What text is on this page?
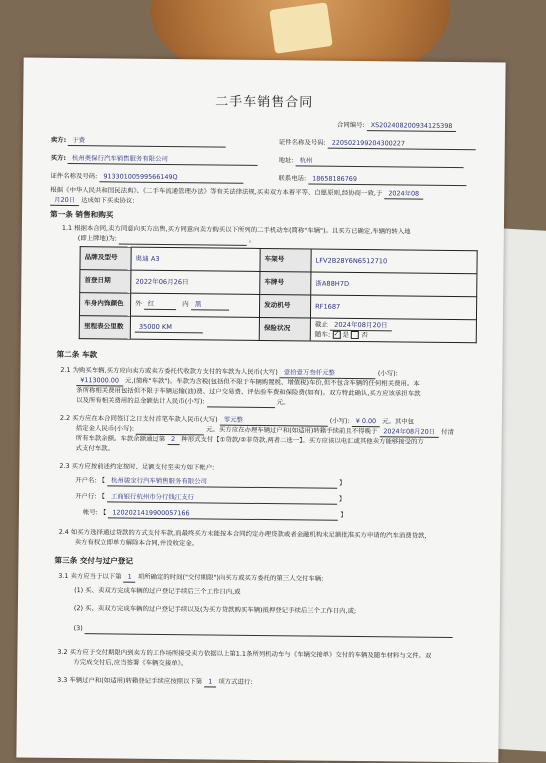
二手车销售合同
合同编号: XS202408200934125398
卖方: 于费	证件名称及号码: 220502199204300227
买方: 杭州奥保行汽车销售服务有限公司	地址: 杭州
证件名称及号码: 91330100599566149Q	联系电话: 18658186769
根据《中华人民共和国民法典》、《二手车流通管理办法》等有关法律法规,买卖双方本着平等、自愿原则,经协商一致,于 2024年08
月20日 达成如下买卖协议:
第一条 销售和购买
1.1 根据本合同,卖方同意向买方出售,买方同意向卖方购买以下所列的二手机动车(简称"车辆")。且买方已确定,车辆的转入地
(即上牌地)为:	。
品牌及型号	奥迪 A3	车架号	LFV2B28Y6N6512710
首登日期	2022年06月26日	车牌号	浙A88H7D
车身内饰颜色	外 红 内 黑	发动机号	RF1687
里程表公里数	35000 KM	保险状况	截止 2024年08月20日
随车: ✓ 是 否
第二条 车款
2.1 为购买车辆,买方应向卖方或卖方委托代收款方支付的车款为人民币(大写) 壹拾壹万叁仟元整	(小写):
¥113000.00 元,(简称"车款")。车款为含税(包括但不限于车辆购置税、增值税)车价,但不包含车辆的任何相关费用。本
条所称相关费用包括但不限于车辆运输(油)费、过户交易费、评估验车费和保险费(如有)。双方特此确认,买方应该承担车款
以及所有相关费用的总金额估计人民币(小写):	元。
2.2 买方应在本合同签订之日支付首笔车款人民币(大写) 零元整	(小写): ¥ 0.00 元。其中包
括定金人民币(小写):	元。买方应在办理车辆过户和(如适用)转籍手续前且不得晚于 2024年08月20日 付清
所有车款余额。车款余额通过第 2 种形式支付【①贷款/②非贷款,两者二选一】。买方应该以电汇或其他卖方能够接受的方
式支付车款。
2.3 买方应按前述约定按时、足额支付至卖方如下帐户:
开户名: 【 杭州骏宝行汽车销售服务有限公司	】
开户行: 【 工商银行杭州市分行钱江支行	】
帐号: 【 1202021419900057166	】
2.4 如买方选择通过贷款的方式支付车款,而最终买方未能按本合同约定办理贷款或者金融机构未足额批准买方申请的汽车消费贷款,
卖方有权立即单方解除本合同,并没收定金。
第三条 交付与过户登记
3.1 卖方应当于以下第 1 项所确定的时间("交付期限")向买方或买方委托的第三人交付车辆:
(1) 买、卖双方完成车辆的过户登记手续后三个工作日内,或
(2) 买、卖双方完成车辆的过户登记手续以及(为买方贷款购买车辆)抵押登记手续后三个工作日内,或;
(3)
3.2 买方应于交付期限内到卖方的工作场所接受卖方依据以上第1.1条所列机动车与《车辆交接单》交付的车辆及随车材料与文件。双
方完成交付后,应当签署《车辆交接单》。
3.3 车辆过户和(如适用)转籍登记手续应按照以下第 1 项方式进行:
